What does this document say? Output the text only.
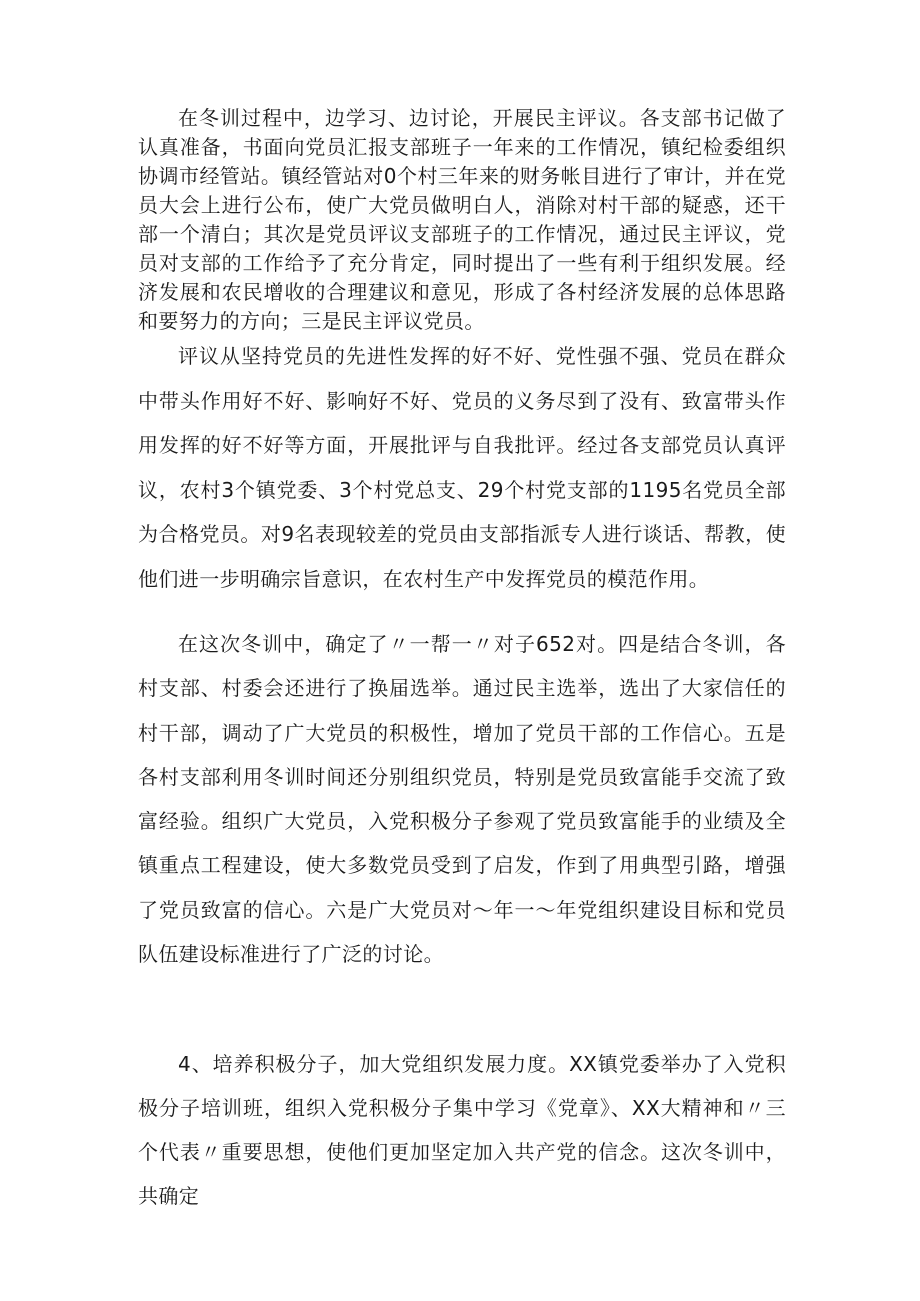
在冬训过程中，边学习、边讨论，开展民主评议。各支部书记做了认真准备，书面向党员汇报支部班子一年来的工作情况，镇纪检委组织协调市经管站。镇经管站对0个村三年来的财务帐目进行了审计，并在党员大会上进行公布，使广大党员做明白人，消除对村干部的疑惑，还干部一个清白；其次是党员评议支部班子的工作情况，通过民主评议，党员对支部的工作给予了充分肯定，同时提出了一些有利于组织发展。经济发展和农民增收的合理建议和意见，形成了各村经济发展的总体思路和要努力的方向；三是民主评议党员。

评议从坚持党员的先进性发挥的好不好、党性强不强、党员在群众中带头作用好不好、影响好不好、党员的义务尽到了没有、致富带头作用发挥的好不好等方面，开展批评与自我批评。经过各支部党员认真评议，农村3个镇党委、3个村党总支、29个村党支部的1195名党员全部为合格党员。对9名表现较差的党员由支部指派专人进行谈话、帮教，使他们进一步明确宗旨意识，在农村生产中发挥党员的模范作用。

在这次冬训中，确定了〃一帮一〃对子652对。四是结合冬训，各村支部、村委会还进行了换届选举。通过民主选举，选出了大家信任的村干部，调动了广大党员的积极性，增加了党员干部的工作信心。五是各村支部利用冬训时间还分别组织党员，特别是党员致富能手交流了致富经验。组织广大党员，入党积极分子参观了党员致富能手的业绩及全镇重点工程建设，使大多数党员受到了启发，作到了用典型引路，增强了党员致富的信心。六是广大党员对～年一～年党组织建设目标和党员队伍建设标准进行了广泛的讨论。

4、培养积极分子，加大党组织发展力度。XX镇党委举办了入党积极分子培训班，组织入党积极分子集中学习《党章》、XX大精神和〃三个代表〃重要思想，使他们更加坚定加入共产党的信念。这次冬训中，共确定
